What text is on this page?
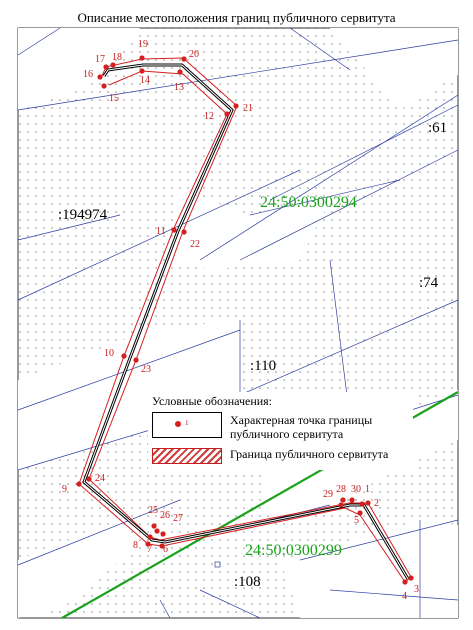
Описание местоположения границ публичного сервитута
:61
:194974
:74
:110
:108
24:50:0300294
24:50:0300299
1
2
3
4
5
6
7
8
9
10
11
12
13
14
15
16
17 18
19
20
21
22
23
24
25 26 27
28
29 30
Условные обозначения:
1	Характерная точка границы публичного сервитута
Граница публичного сервитута
